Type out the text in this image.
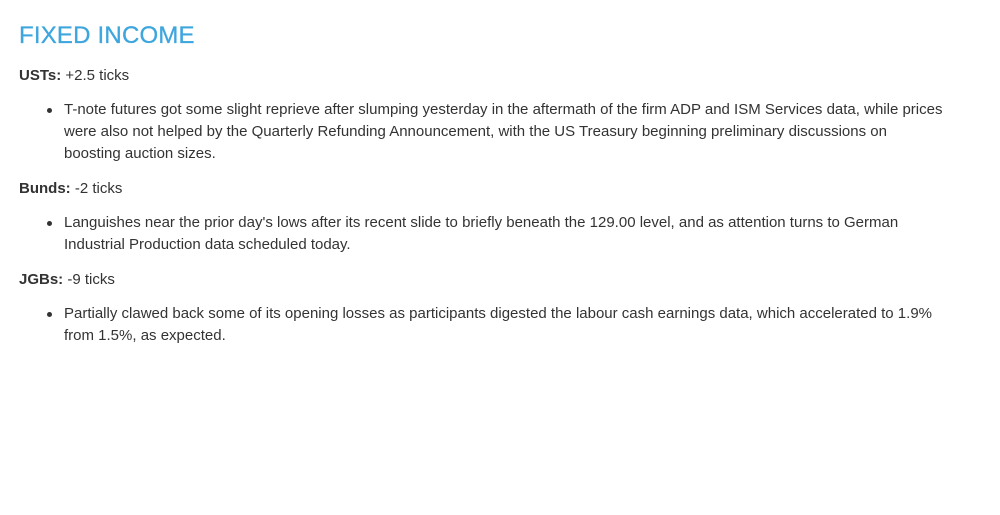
FIXED INCOME
USTs: +2.5 ticks
T-note futures got some slight reprieve after slumping yesterday in the aftermath of the firm ADP and ISM Services data, while prices were also not helped by the Quarterly Refunding Announcement, with the US Treasury beginning preliminary discussions on boosting auction sizes.
Bunds: -2 ticks
Languishes near the prior day's lows after its recent slide to briefly beneath the 129.00 level, and as attention turns to German Industrial Production data scheduled today.
JGBs: -9 ticks
Partially clawed back some of its opening losses as participants digested the labour cash earnings data, which accelerated to 1.9% from 1.5%, as expected.
